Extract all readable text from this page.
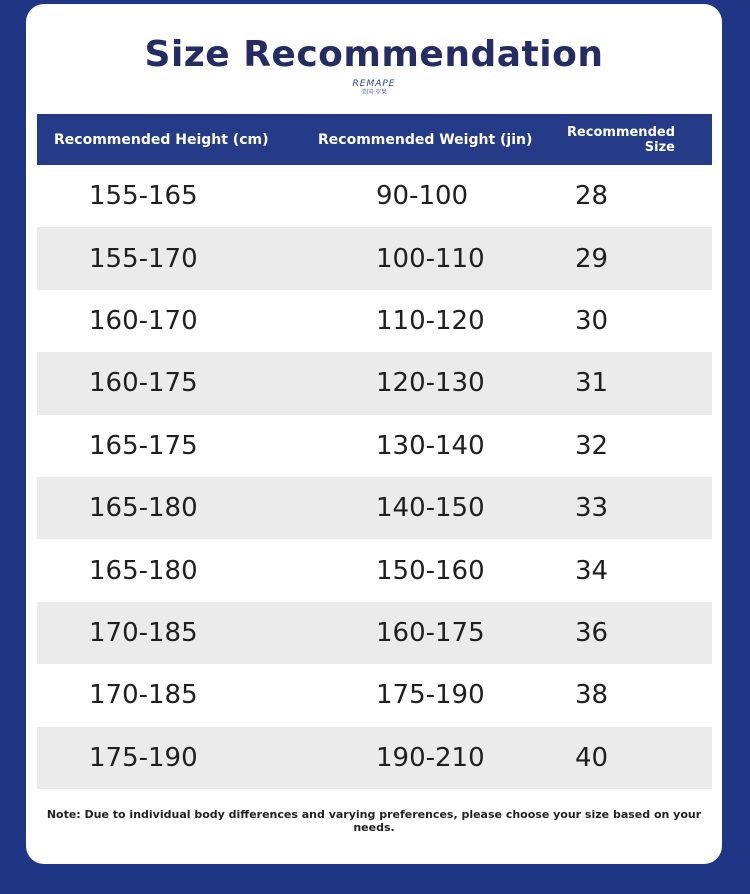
Size Recommendation
REMAPE
美国·苹果
Recommended Height (cm)	Recommended Weight (jin)	Recommended Size
155-165	90-100	28
155-170	100-110	29
160-170	110-120	30
160-175	120-130	31
165-175	130-140	32
165-180	140-150	33
165-180	150-160	34
170-185	160-175	36
170-185	175-190	38
175-190	190-210	40
Note: Due to individual body differences and varying preferences, please choose your size based on your needs.
